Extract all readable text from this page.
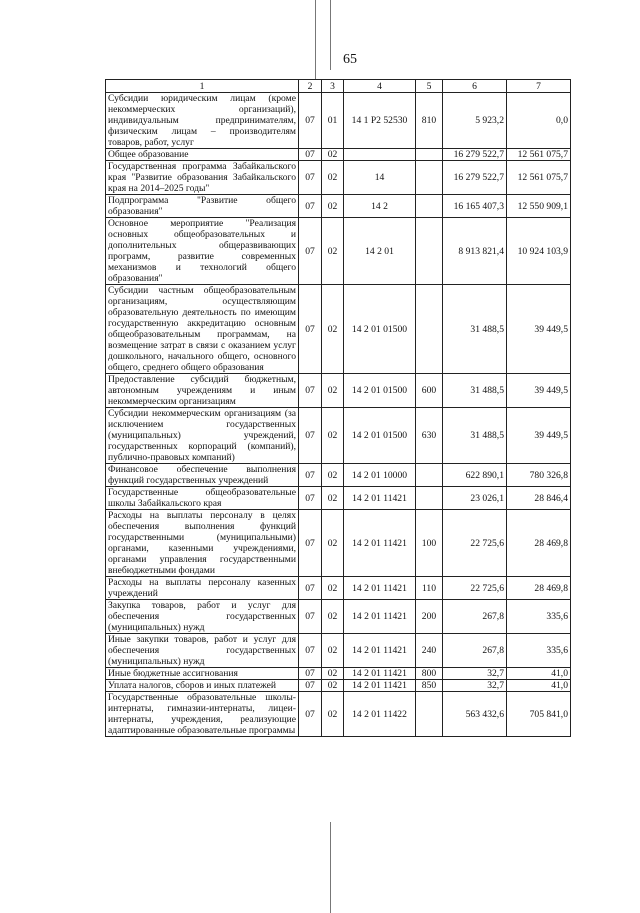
65
1	2	3	4	5	6	7
Субсидии юридическим лицам (кроме некоммерческих организаций), индивидуальным предпринимателям, физическим лицам – производителям товаров, работ, услуг	07	01	14 1 P2 52530	810	5 923,2	0,0
Общее образование	07	02			16 279 522,7	12 561 075,7
Государственная программа Забайкальского края "Развитие образования Забайкальского края на 2014–2025 годы"	07	02	14		16 279 522,7	12 561 075,7
Подпрограмма "Развитие общего образования"	07	02	14 2		16 165 407,3	12 550 909,1
Основное мероприятие "Реализация основных общеобразовательных и дополнительных общеразвивающих программ, развитие современных механизмов и технологий общего образования"	07	02	14 2 01		8 913 821,4	10 924 103,9
Субсидии частным общеобразовательным организациям, осуществляющим образовательную деятельность по имеющим государственную аккредитацию основным общеобразовательным программам, на возмещение затрат в связи с оказанием услуг дошкольного, начального общего, основного общего, среднего общего образования	07	02	14 2 01 01500		31 488,5	39 449,5
Предоставление субсидий бюджетным, автономным учреждениям и иным некоммерческим организациям	07	02	14 2 01 01500	600	31 488,5	39 449,5
Субсидии некоммерческим организациям (за исключением государственных (муниципальных) учреждений, государственных корпораций (компаний), публично-правовых компаний)	07	02	14 2 01 01500	630	31 488,5	39 449,5
Финансовое обеспечение выполнения функций государственных учреждений	07	02	14 2 01 10000		622 890,1	780 326,8
Государственные общеобразовательные школы Забайкальского края	07	02	14 2 01 11421		23 026,1	28 846,4
Расходы на выплаты персоналу в целях обеспечения выполнения функций государственными (муниципальными) органами, казенными учреждениями, органами управления государственными внебюджетными фондами	07	02	14 2 01 11421	100	22 725,6	28 469,8
Расходы на выплаты персоналу казенных учреждений	07	02	14 2 01 11421	110	22 725,6	28 469,8
Закупка товаров, работ и услуг для обеспечения государственных (муниципальных) нужд	07	02	14 2 01 11421	200	267,8	335,6
Иные закупки товаров, работ и услуг для обеспечения государственных (муниципальных) нужд	07	02	14 2 01 11421	240	267,8	335,6
Иные бюджетные ассигнования	07	02	14 2 01 11421	800	32,7	41,0
Уплата налогов, сборов и иных платежей	07	02	14 2 01 11421	850	32,7	41,0
Государственные образовательные школы-интернаты, гимназии-интернаты, лицеи-интернаты, учреждения, реализующие адаптированные образовательные программы	07	02	14 2 01 11422		563 432,6	705 841,0
